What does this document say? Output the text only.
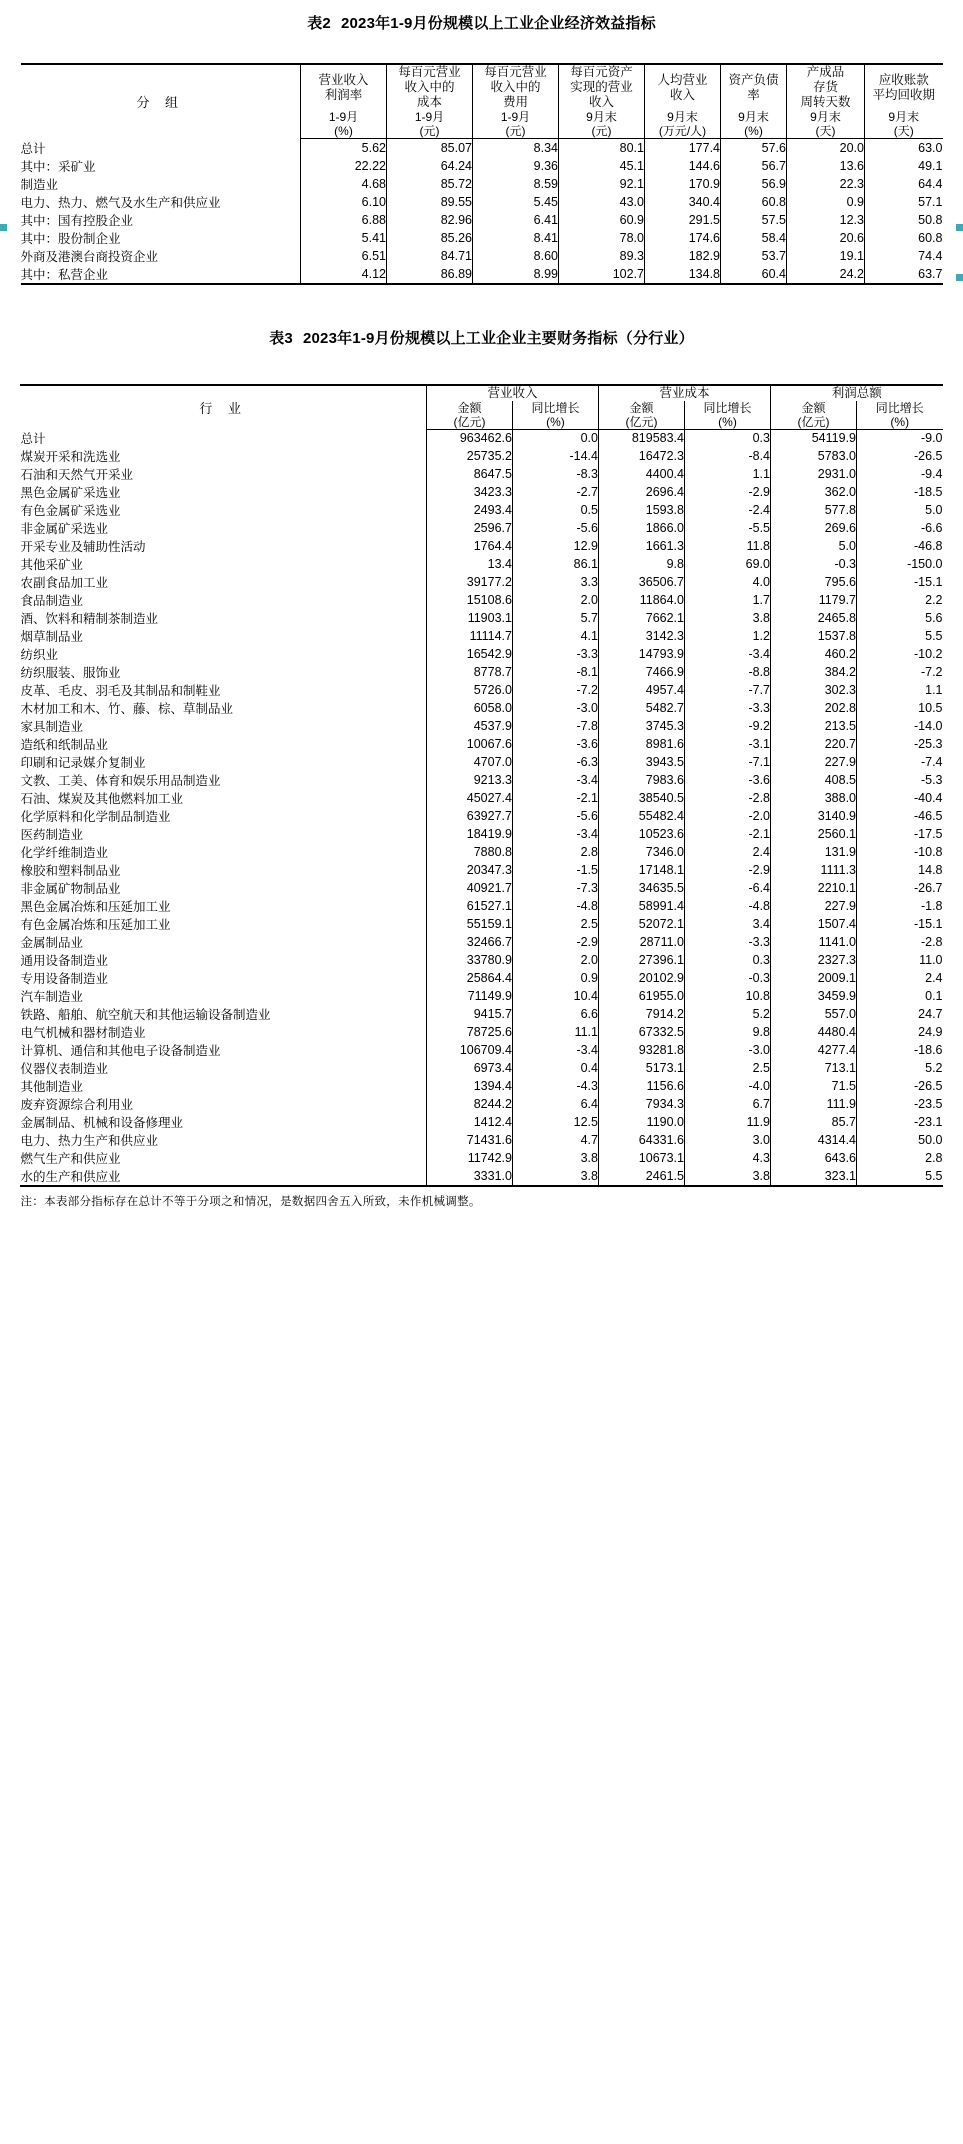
表2 2023年1-9月份规模以上工业企业经济效益指标
分 组	
营业收入
利润率

每百元营业
收入中的
成本

每百元营业
收入中的
费用

每百元资产
实现的营业
收入

人均营业
收入

资产负债
率

产成品
存货
周转天数

应收账款
平均回收期

1-9月
(%)

1-9月
(元)

1-9月
(元)

9月末
(元)

9月末
(万元/人)

9月末
(%)

9月末
(天)

9月末
(天)

总计	5.62	85.07	8.34	80.1	177.4	57.6	20.0	63.0
其中：采矿业	22.22	64.24	9.36	45.1	144.6	56.7	13.6	49.1
制造业	4.68	85.72	8.59	92.1	170.9	56.9	22.3	64.4
电力、热力、燃气及水生产和供应业	6.10	89.55	5.45	43.0	340.4	60.8	0.9	57.1
其中：国有控股企业	6.88	82.96	6.41	60.9	291.5	57.5	12.3	50.8
其中：股份制企业	5.41	85.26	8.41	78.0	174.6	58.4	20.6	60.8
外商及港澳台商投资企业	6.51	84.71	8.60	89.3	182.9	53.7	19.1	74.4
其中：私营企业	4.12	86.89	8.99	102.7	134.8	60.4	24.2	63.7
表3 2023年1-9月份规模以上工业企业主要财务指标（分行业）
行 业	营业收入		营业成本		利润总额	

金额
(亿元)

同比增长
(%)

金额
(亿元)

同比增长
(%)

金额
(亿元)

同比增长
(%)

总计	963462.6	0.0	819583.4	0.3	54119.9	-9.0
煤炭开采和洗选业	25735.2	-14.4	16472.3	-8.4	5783.0	-26.5
石油和天然气开采业	8647.5	-8.3	4400.4	1.1	2931.0	-9.4
黑色金属矿采选业	3423.3	-2.7	2696.4	-2.9	362.0	-18.5
有色金属矿采选业	2493.4	0.5	1593.8	-2.4	577.8	5.0
非金属矿采选业	2596.7	-5.6	1866.0	-5.5	269.6	-6.6
开采专业及辅助性活动	1764.4	12.9	1661.3	11.8	5.0	-46.8
其他采矿业	13.4	86.1	9.8	69.0	-0.3	-150.0
农副食品加工业	39177.2	3.3	36506.7	4.0	795.6	-15.1
食品制造业	15108.6	2.0	11864.0	1.7	1179.7	2.2
酒、饮料和精制茶制造业	11903.1	5.7	7662.1	3.8	2465.8	5.6
烟草制品业	11114.7	4.1	3142.3	1.2	1537.8	5.5
纺织业	16542.9	-3.3	14793.9	-3.4	460.2	-10.2
纺织服装、服饰业	8778.7	-8.1	7466.9	-8.8	384.2	-7.2
皮革、毛皮、羽毛及其制品和制鞋业	5726.0	-7.2	4957.4	-7.7	302.3	1.1
木材加工和木、竹、藤、棕、草制品业	6058.0	-3.0	5482.7	-3.3	202.8	10.5
家具制造业	4537.9	-7.8	3745.3	-9.2	213.5	-14.0
造纸和纸制品业	10067.6	-3.6	8981.6	-3.1	220.7	-25.3
印刷和记录媒介复制业	4707.0	-6.3	3943.5	-7.1	227.9	-7.4
文教、工美、体育和娱乐用品制造业	9213.3	-3.4	7983.6	-3.6	408.5	-5.3
石油、煤炭及其他燃料加工业	45027.4	-2.1	38540.5	-2.8	388.0	-40.4
化学原料和化学制品制造业	63927.7	-5.6	55482.4	-2.0	3140.9	-46.5
医药制造业	18419.9	-3.4	10523.6	-2.1	2560.1	-17.5
化学纤维制造业	7880.8	2.8	7346.0	2.4	131.9	-10.8
橡胶和塑料制品业	20347.3	-1.5	17148.1	-2.9	1111.3	14.8
非金属矿物制品业	40921.7	-7.3	34635.5	-6.4	2210.1	-26.7
黑色金属冶炼和压延加工业	61527.1	-4.8	58991.4	-4.8	227.9	-1.8
有色金属冶炼和压延加工业	55159.1	2.5	52072.1	3.4	1507.4	-15.1
金属制品业	32466.7	-2.9	28711.0	-3.3	1141.0	-2.8
通用设备制造业	33780.9	2.0	27396.1	0.3	2327.3	11.0
专用设备制造业	25864.4	0.9	20102.9	-0.3	2009.1	2.4
汽车制造业	71149.9	10.4	61955.0	10.8	3459.9	0.1
铁路、船舶、航空航天和其他运输设备制造业	9415.7	6.6	7914.2	5.2	557.0	24.7
电气机械和器材制造业	78725.6	11.1	67332.5	9.8	4480.4	24.9
计算机、通信和其他电子设备制造业	106709.4	-3.4	93281.8	-3.0	4277.4	-18.6
仪器仪表制造业	6973.4	0.4	5173.1	2.5	713.1	5.2
其他制造业	1394.4	-4.3	1156.6	-4.0	71.5	-26.5
废弃资源综合利用业	8244.2	6.4	7934.3	6.7	111.9	-23.5
金属制品、机械和设备修理业	1412.4	12.5	1190.0	11.9	85.7	-23.1
电力、热力生产和供应业	71431.6	4.7	64331.6	3.0	4314.4	50.0
燃气生产和供应业	11742.9	3.8	10673.1	4.3	643.6	2.8
水的生产和供应业	3331.0	3.8	2461.5	3.8	323.1	5.5
注：本表部分指标存在总计不等于分项之和情况，是数据四舍五入所致，未作机械调整。
